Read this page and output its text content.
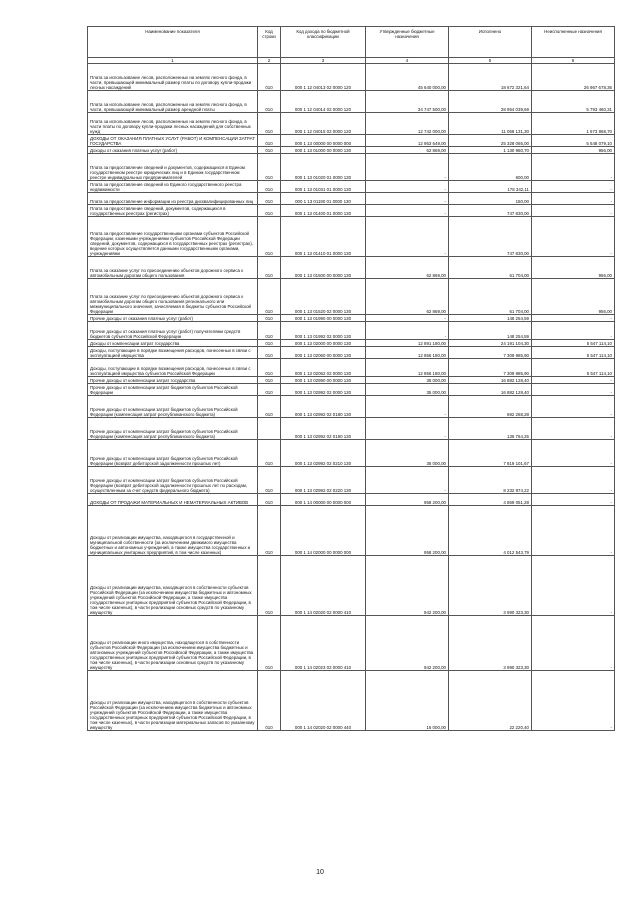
Наименование показателя	Код строки	Код дохода по бюджетной классификации	Утвержденные бюджетные назначения	Исполнено	Неисполненные назначения
1	2	3	4	5	6
Плата за использование лесов, расположенных на землях лесного фонда, в части, превышающей минимальный размер платы по договору купли-продажи лесных насаждений	010	000 1 12 04013 02 0000 120	45 640 000,00	18 672 321,64	26 967 678,36
Плата за использование лесов, расположенных на землях лесного фонда, в части, превышающей минимальный размер арендной платы	010	000 1 12 04014 02 0000 120	34 747 500,00	28 954 039,69	5 793 460,31
Плата за использование лесов, расположенных на землях лесного фонда, в части платы по договору купли-продажи лесных насаждений для собственных нужд	010	000 1 12 04015 02 0000 120	12 742 000,00	11 068 131,30	1 673 868,70
ДОХОДЫ ОТ ОКАЗАНИЯ ПЛАТНЫХ УСЛУГ (РАБОТ) И КОМПЕНСАЦИИ ЗАТРАТ ГОСУДАРСТВА	010	000 1 13 00000 00 0000 000	12 953 649,00	25 328 065,00	5 548 079,10
Доходы от оказания платных услуг (работ)	010	000 1 13 01000 00 0000 130	62 869,00	1 130 960,70	956,00
Плата за предоставление сведений и документов, содержащихся в Едином государственном реестре юридических лиц и в Едином государственном реестре индивидуальных предпринимателей	010	000 1 13 01020 01 0000 130	-	600,00	-
Плата за предоставление сведений из Единого государственного реестра недвижимости	010	000 1 13 01031 01 0000 130	-	178 342,11	-
Плата за предоставление информации из реестра дисквалифицированных лиц	010	000 1 13 01190 01 0000 130	-	150,00	-
Плата за предоставление сведений, документов, содержащихся в государственных реестрах (регистрах)	010	000 1 13 01400 01 0000 130	-	747 830,00	-
Плата за предоставление государственными органами субъектов Российской Федерации, казенными учреждениями субъектов Российской Федерации сведений, документов, содержащихся в государственных реестрах (регистрах), ведение которых осуществляется данными государственными органами, учреждениями	010	000 1 13 01410 01 0000 130	-	747 830,00	-
Плата за оказание услуг по присоединению объектов дорожного сервиса к автомобильным дорогам общего пользования	010	000 1 13 01500 00 0000 130	62 869,00	61 704,00	956,00
Плата за оказание услуг по присоединению объектов дорожного сервиса к автомобильным дорогам общего пользования регионального или межмуниципального значения, зачисляемая в бюджеты субъектов Российской Федерации	010	000 1 13 01520 02 0000 130	62 869,00	61 704,00	956,00
Прочие доходы от оказания платных услуг (работ)	010	000 1 13 01990 00 0000 130	-	148 254,59	-
Прочие доходы от оказания платных услуг (работ) получателями средств бюджетов субъектов Российской Федерации	010	000 1 13 01992 02 0000 130	-	148 254,59	-
Доходы от компенсации затрат государства	010	000 1 13 02000 00 0000 130	12 891 180,00	24 191 104,30	5 547 114,10
Доходы, поступающие в порядке возмещения расходов, понесенных в связи с эксплуатацией имущества	010	000 1 13 02060 00 0000 130	12 856 180,00	7 309 985,90	5 547 114,10
Доходы, поступающие в порядке возмещения расходов, понесенных в связи с эксплуатацией имущества субъектов Российской Федерации	010	000 1 13 02062 02 0000 130	12 856 180,00	7 309 985,90	5 547 114,10
Прочие доходы от компенсации затрат государства	010	000 1 13 02990 00 0000 130	35 000,00	16 882 128,40	-
Прочие доходы от компенсации затрат бюджетов субъектов Российской Федерации	010	000 1 13 02992 02 0000 130	35 000,00	16 882 128,40	-
Прочие доходы от компенсации затрат бюджетов субъектов Российской Федерации (компенсация затрат республиканского бюджета)	010	000 1 13 02992 02 0180 130	-	692 268,28	-
Прочие доходы от компенсации затрат бюджетов субъектов Российской Федерации (компенсация затрат республиканского бюджета)		000 1 13 02992 02 0190 130	-	136 764,26	-
Прочие доходы от компенсации затрат бюджетов субъектов Российской Федерации (возврат дебиторской задолженности прошлых лет)	010	000 1 13 02992 02 0210 130	35 000,00	7 819 101,67	-
Прочие доходы от компенсации затрат бюджетов субъектов Российской Федерации (возврат дебиторской задолженности прошлых лет по расходам, осуществленным за счет средств федерального бюджета)	010	000 1 13 02992 02 0220 130	-	8 232 974,22	-
ДОХОДЫ ОТ ПРОДАЖИ МАТЕРИАЛЬНЫХ И НЕМАТЕРИАЛЬНЫХ АКТИВОВ	010	000 1 14 00000 00 0000 000	958 200,00	4 869 051,28	-
Доходы от реализации имущества, находящегося в государственной и муниципальной собственности (за исключением движимого имущества бюджетных и автономных учреждений, а также имущества государственных и муниципальных унитарных предприятий, в том числе казенных)	010	000 1 14 02000 00 0000 000	958 200,00	4 012 543,79	-
Доходы от реализации имущества, находящегося в собственности субъектов Российской Федерации (за исключением имущества бюджетных и автономных учреждений субъектов Российской Федерации, а также имущества государственных унитарных предприятий субъектов Российской Федерации, в том числе казенных), в части реализации основных средств по указанному имуществу	010	000 1 14 02020 02 0000 410	942 200,00	3 990 323,30	-
Доходы от реализации иного имущества, находящегося в собственности субъектов Российской Федерации (за исключением имущества бюджетных и автономных учреждений субъектов Российской Федерации, а также имущества государственных унитарных предприятий субъектов Российской Федерации, в том числе казенных), в части реализации основных средств по указанному имуществу	010	000 1 14 02023 02 0000 410	942 200,00	3 990 323,30	-
Доходы от реализации имущества, находящегося в собственности субъектов Российской Федерации (за исключением имущества бюджетных и автономных учреждений субъектов Российской Федерации, а также имущества государственных унитарных предприятий субъектов Российской Федерации, в том числе казенных), в части реализации материальных запасов по указанному имуществу	010	000 1 14 02020 02 0000 440	16 000,00	22 220,40	-
10
